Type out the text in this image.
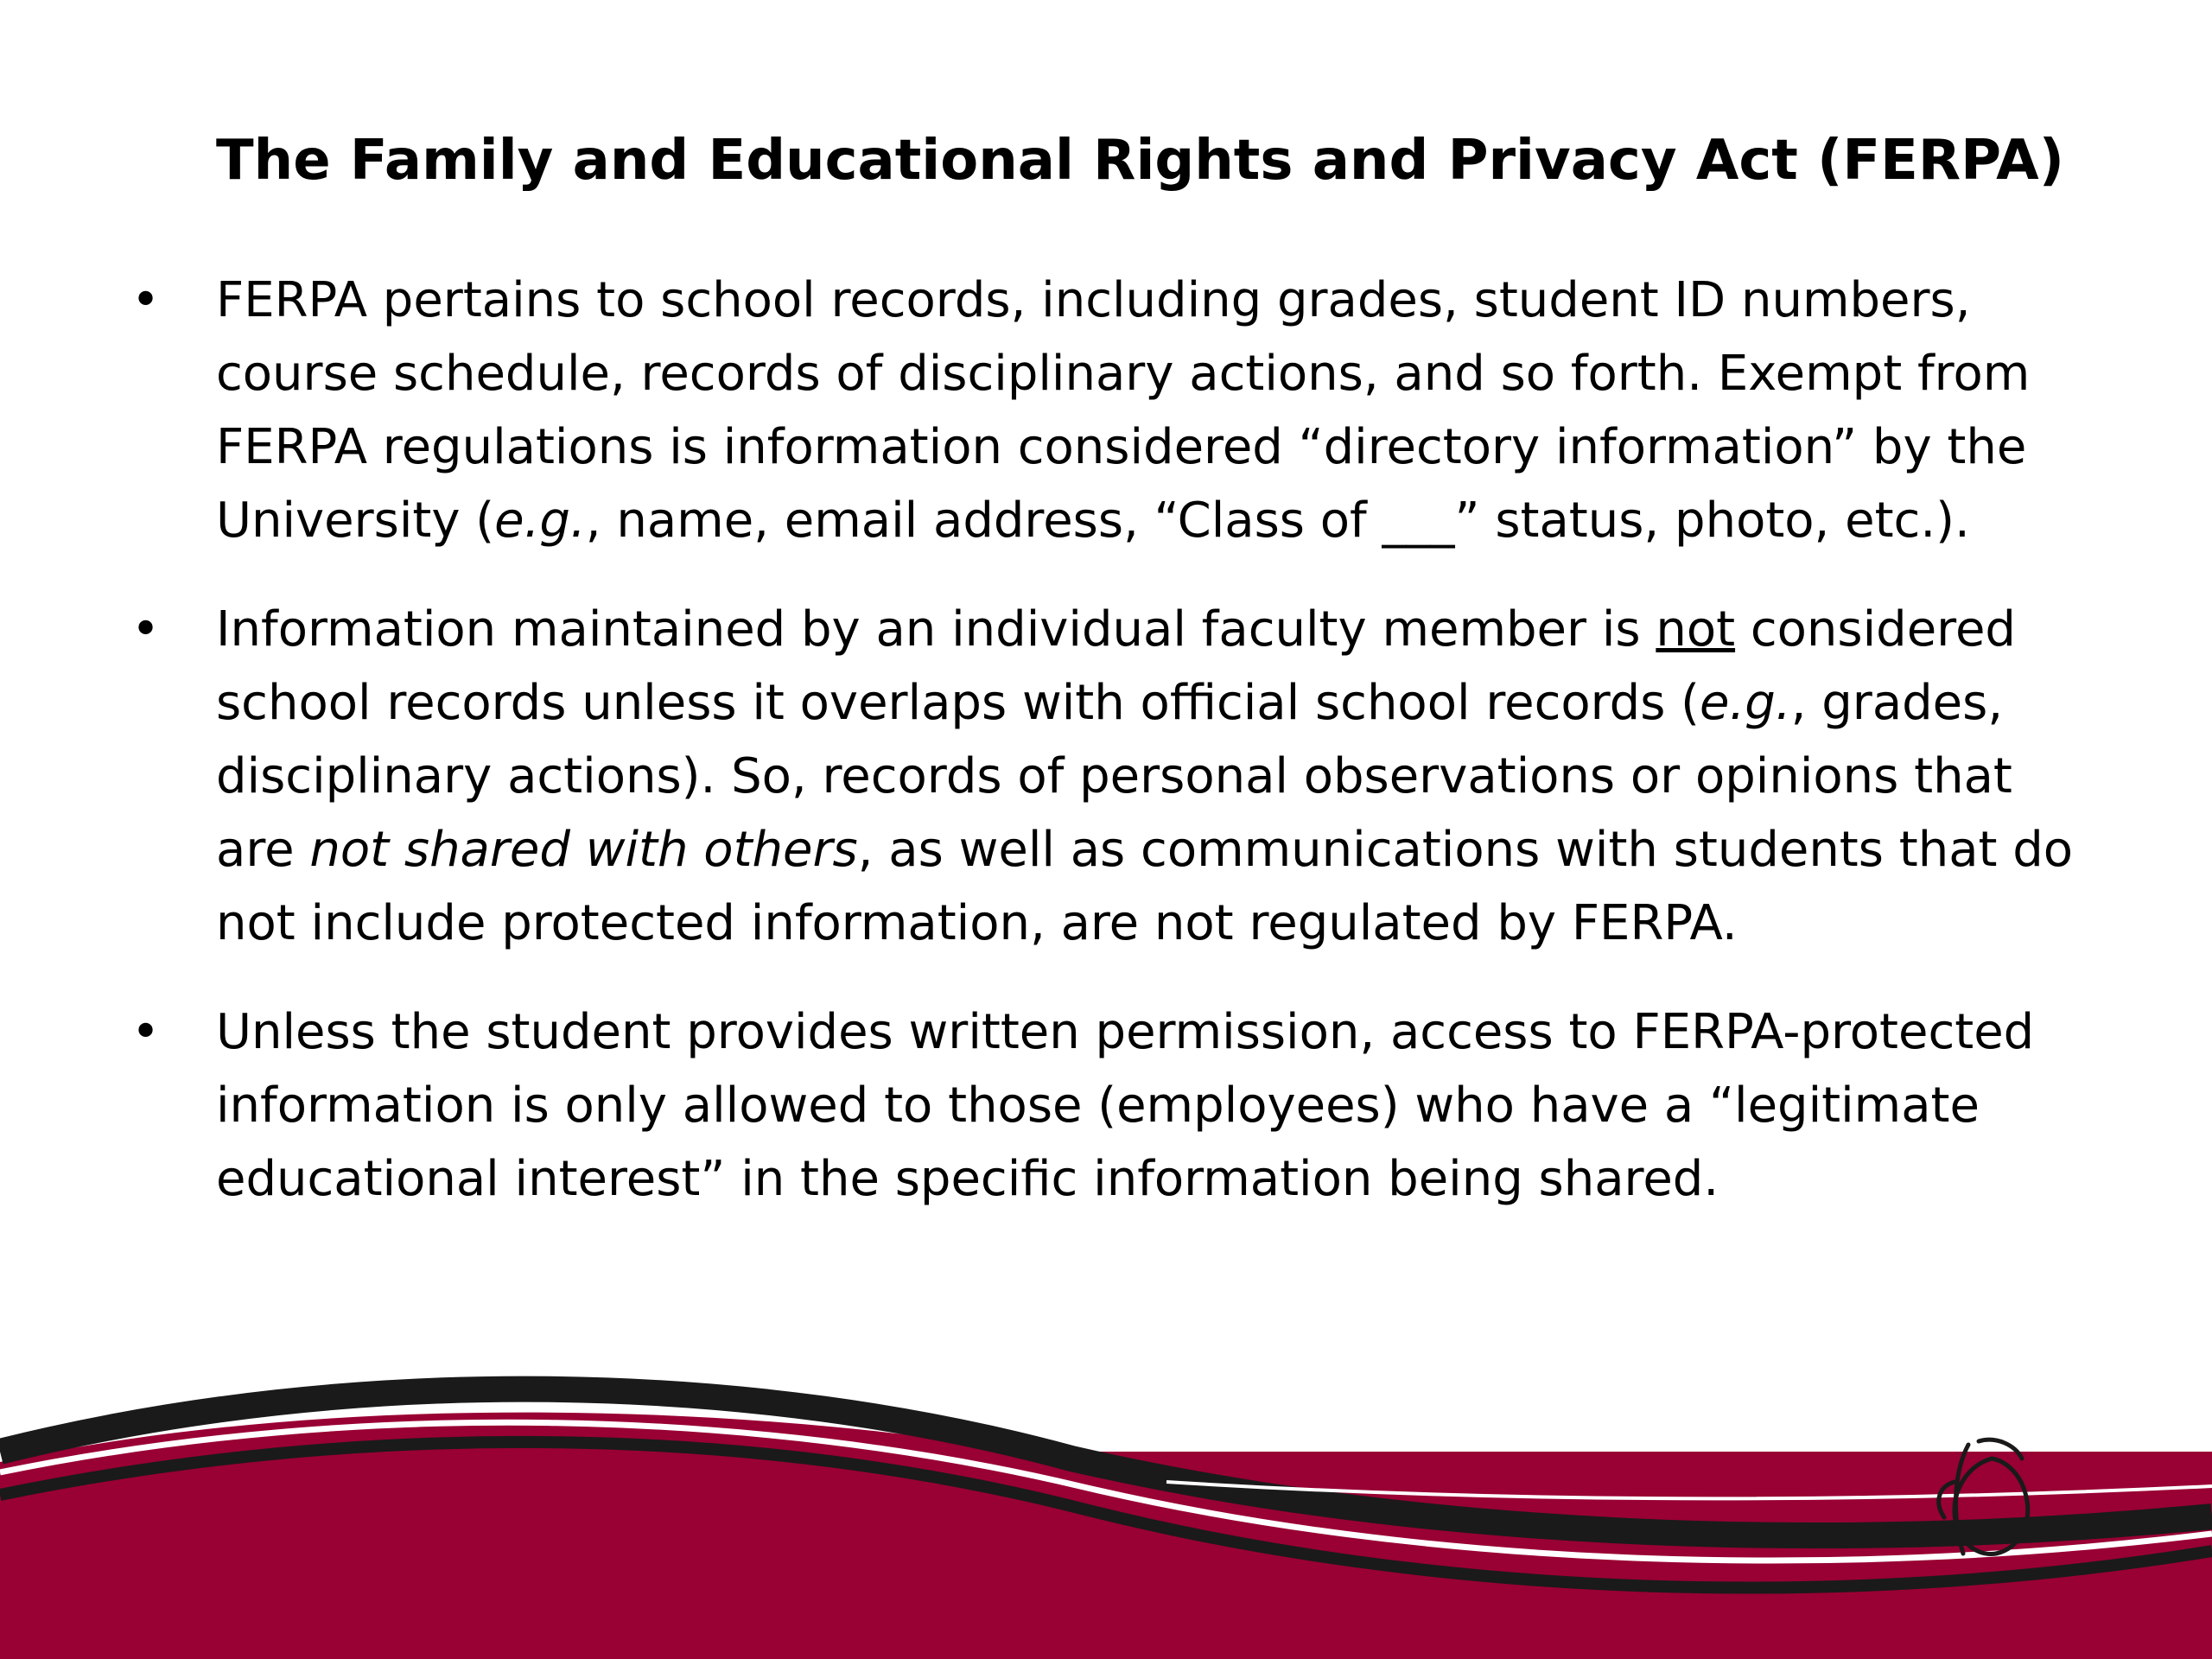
The Family and Educational Rights and Privacy Act (FERPA)
• FERPA pertains to school records, including grades, student ID numbers, course schedule, records of disciplinary actions, and so forth. Exempt from FERPA regulations is information considered “directory information” by the University (e.g., name, email address, “Class of ___” status, photo, etc.).
• Information maintained by an individual faculty member is not considered school records unless it overlaps with official school records (e.g., grades, disciplinary actions). So, records of personal observations or opinions that are not shared with others, as well as communications with students that do not include protected information, are not regulated by FERPA.
• Unless the student provides written permission, access to FERPA-protected information is only allowed to those (employees) who have a “legitimate educational interest” in the specific information being shared.
